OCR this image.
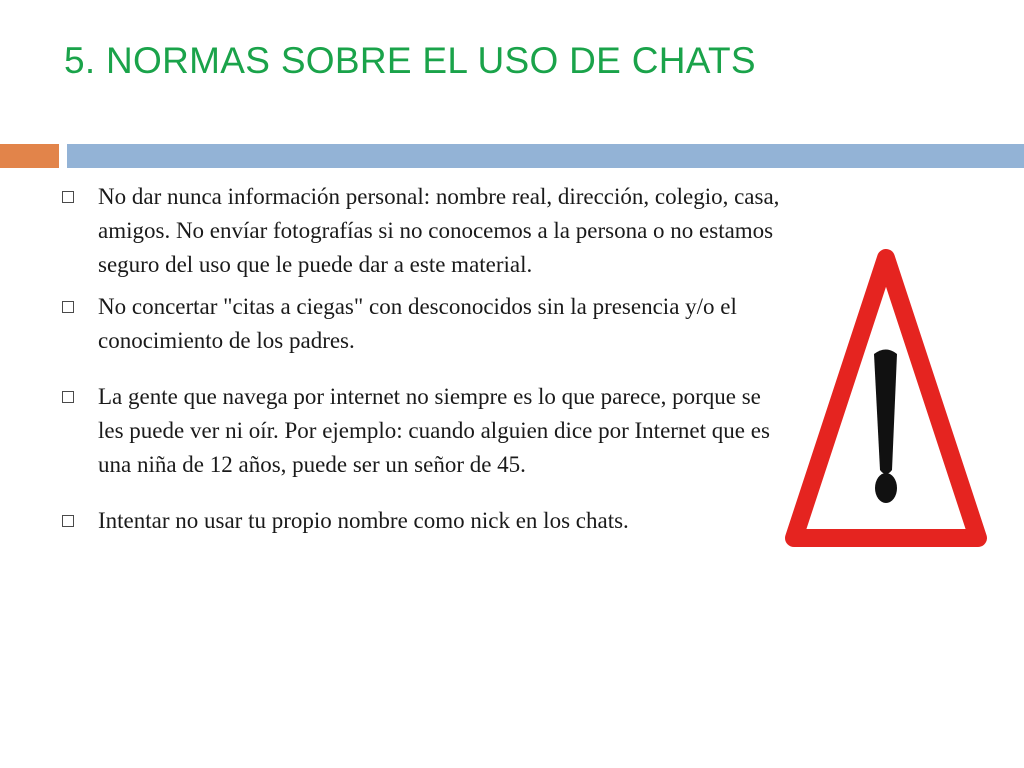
5. NORMAS SOBRE EL USO DE CHATS
No dar nunca información personal: nombre real, dirección, colegio, casa, amigos. No envíar fotografías si no conocemos a la persona o no estamos seguro del uso que le puede dar a este material.
No concertar "citas a ciegas" con desconocidos sin la presencia y/o el conocimiento de los padres.
La gente que navega por internet no siempre es lo que parece, porque se les puede ver ni oír. Por ejemplo: cuando alguien dice por Internet que es una niña de 12 años, puede ser un señor de 45.
Intentar no usar tu propio nombre como nick en los chats.
